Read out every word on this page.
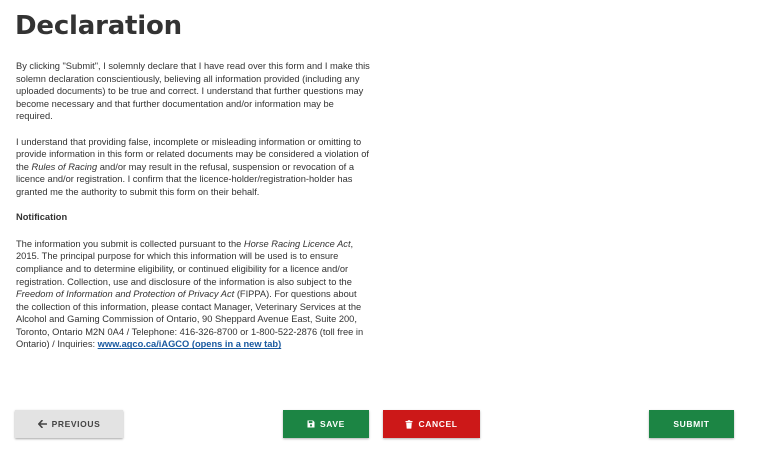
Declaration

By clicking "Submit", I solemnly declare that I have read over this form and I make this solemn declaration conscientiously, believing all information provided (including any uploaded documents) to be true and correct. I understand that further questions may become necessary and that further documentation and/or information may be required.

I understand that providing false, incomplete or misleading information or omitting to provide information in this form or related documents may be considered a violation of the Rules of Racing and/or may result in the refusal, suspension or revocation of a licence and/or registration. I confirm that the licence-holder/registration-holder has granted me the authority to submit this form on their behalf.

Notification

The information you submit is collected pursuant to the Horse Racing Licence Act, 2015. The principal purpose for which this information will be used is to ensure compliance and to determine eligibility, or continued eligibility for a licence and/or registration. Collection, use and disclosure of the information is also subject to the Freedom of Information and Protection of Privacy Act (FIPPA). For questions about the collection of this information, please contact Manager, Veterinary Services at the Alcohol and Gaming Commission of Ontario, 90 Sheppard Avenue East, Suite 200, Toronto, Ontario M2N 0A4 / Telephone: 416-326-8700 or 1-800-522-2876 (toll free in Ontario) / Inquiries: www.agco.ca/iAGCO (opens in a new tab)

PREVIOUS	SAVE	CANCEL	SUBMIT
